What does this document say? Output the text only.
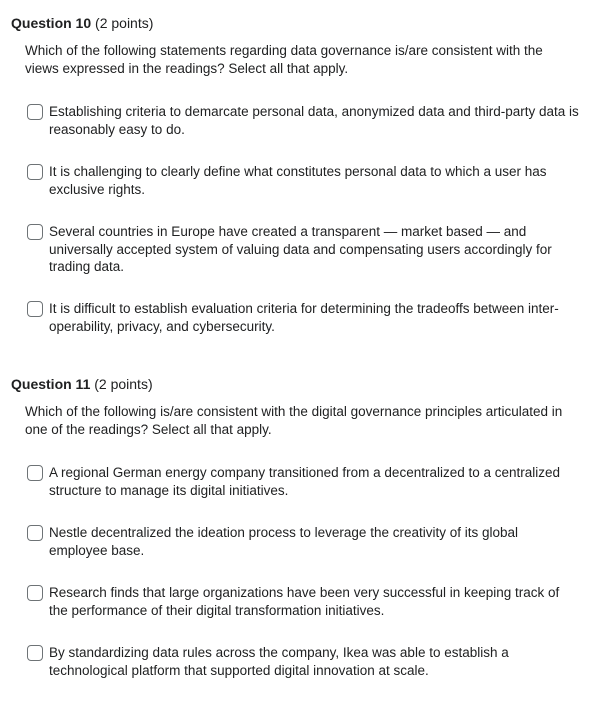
Question 10 (2 points)
Which of the following statements regarding data governance is/are consistent with the views expressed in the readings? Select all that apply.
Establishing criteria to demarcate personal data, anonymized data and third-party data is reasonably easy to do.
It is challenging to clearly define what constitutes personal data to which a user has exclusive rights.
Several countries in Europe have created a transparent — market based — and universally accepted system of valuing data and compensating users accordingly for trading data.
It is difficult to establish evaluation criteria for determining the tradeoffs between inter-operability, privacy, and cybersecurity.
Question 11 (2 points)
Which of the following is/are consistent with the digital governance principles articulated in one of the readings? Select all that apply.
A regional German energy company transitioned from a decentralized to a centralized structure to manage its digital initiatives.
Nestle decentralized the ideation process to leverage the creativity of its global employee base.
Research finds that large organizations have been very successful in keeping track of the performance of their digital transformation initiatives.
By standardizing data rules across the company, Ikea was able to establish a technological platform that supported digital innovation at scale.
